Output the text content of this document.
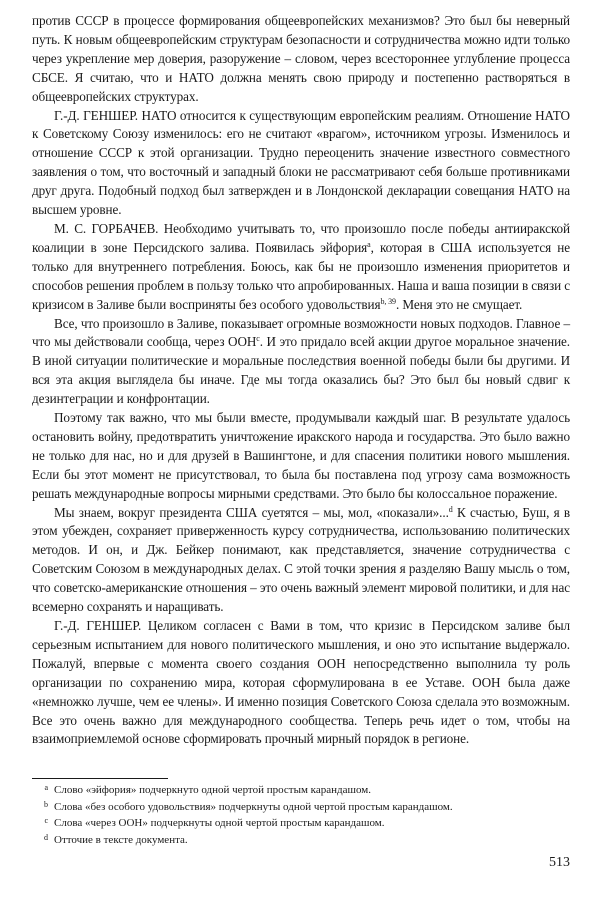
против СССР в процессе формирования общеевропейских механизмов? Это был бы неверный путь. К новым общеевропейским структурам безопасности и сотрудничества можно идти только через укрепление мер доверия, разоружение – словом, через всестороннее углубление процесса СБСЕ. Я считаю, что и НАТО должна менять свою природу и постепенно растворяться в общеевропейских структурах.

Г.-Д. ГЕНШЕР. НАТО относится к существующим европейским реалиям. Отношение НАТО к Советскому Союзу изменилось: его не считают «врагом», источником угрозы. Изменилось и отношение СССР к этой организации. Трудно переоценить значение известного совместного заявления о том, что восточный и западный блоки не рассматривают себя больше противниками друг друга. Подобный подход был затвержден и в Лондонской декларации совещания НАТО на высшем уровне.

М. С. ГОРБАЧЕВ. Необходимо учитывать то, что произошло после победы антииракской коалиции в зоне Персидского залива. Появилась эйфория$^a$, которая в США используется не только для внутреннего потребления. Боюсь, как бы не произошло изменения приоритетов и способов решения проблем в пользу только что апробированных. Наша и ваша позиции в связи с кризисом в Заливе были восприняты без особого удовольствия$^{b, 39}$. Меня это не смущает.

Все, что произошло в Заливе, показывает огромные возможности новых подходов. Главное – что мы действовали сообща, через ООН$^c$. И это придало всей акции другое моральное значение. В иной ситуации политические и моральные последствия военной победы были бы другими. И вся эта акция выглядела бы иначе. Где мы тогда оказались бы? Это был бы новый сдвиг к дезинтеграции и конфронтации.

Поэтому так важно, что мы были вместе, продумывали каждый шаг. В результате удалось остановить войну, предотвратить уничтожение иракского народа и государства. Это было важно не только для нас, но и для друзей в Вашингтоне, и для спасения политики нового мышления. Если бы этот момент не присутствовал, то была бы поставлена под угрозу сама возможность решать международные вопросы мирными средствами. Это было бы колоссальное поражение.

Мы знаем, вокруг президента США суетятся – мы, мол, «показали»...$^d$ К счастью, Буш, я в этом убежден, сохраняет приверженность курсу сотрудничества, использованию политических методов. И он, и Дж. Бейкер понимают, как представляется, значение сотрудничества с Советским Союзом в международных делах. С этой точки зрения я разделяю Вашу мысль о том, что советско-американские отношения – это очень важный элемент мировой политики, и для нас всемерно сохранять и наращивать.

Г.-Д. ГЕНШЕР. Целиком согласен с Вами в том, что кризис в Персидском заливе был серьезным испытанием для нового политического мышления, и оно это испытание выдержало. Пожалуй, впервые с момента своего создания ООН непосредственно выполнила ту роль организации по сохранению мира, которая сформулирована в ее Уставе. ООН была даже «немножко лучше, чем ее члены». И именно позиция Советского Союза сделала это возможным. Все это очень важно для международного сообщества. Теперь речь идет о том, чтобы на взаимоприемлемой основе сформировать прочный мирный порядок в регионе.

a Слово «эйфория» подчеркнуто одной чертой простым карандашом.
b Слова «без особого удовольствия» подчеркнуты одной чертой простым карандашом.
c Слова «через ООН» подчеркнуты одной чертой простым карандашом.
d Отточие в тексте документа.
513
